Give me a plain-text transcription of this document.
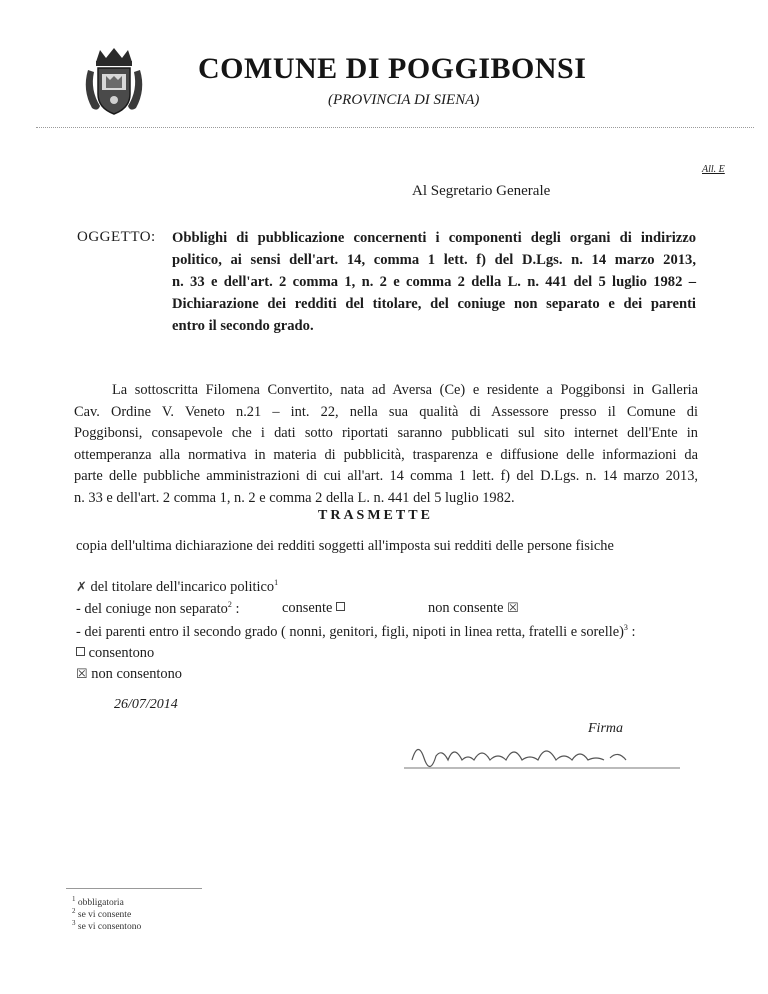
COMUNE DI POGGIBONSI
(PROVINCIA DI SIENA)
All. E
Al Segretario Generale
OGGETTO: Obblighi di pubblicazione concernenti i componenti degli organi di indirizzo
politico, ai sensi dell'art. 14, comma 1 lett. f) del D.Lgs. n. 14 marzo 2013,
n. 33 e dell'art. 2 comma 1, n. 2 e comma 2 della L. n. 441 del 5 luglio 1982 –
Dichiarazione dei redditi del titolare, del coniuge non separato e dei parenti
entro il secondo grado.
La sottoscritta Filomena Convertito, nata ad Aversa (Ce) e residente a Poggibonsi in Galleria
Cav. Ordine V. Veneto n.21 – int. 22, nella sua qualità di Assessore presso il Comune di
Poggibonsi, consapevole che i dati sotto riportati saranno pubblicati sul sito internet dell'Ente in
ottemperanza alla normativa in materia di pubblicità, trasparenza e diffusione delle informazioni da
parte delle pubbliche amministrazioni di cui all'art. 14 comma 1 lett. f) del D.Lgs. n. 14 marzo 2013,
n. 33 e dell'art. 2 comma 1, n. 2 e comma 2 della L. n. 441 del 5 luglio 1982.
TRASMETTE
copia dell'ultima dichiarazione dei redditi soggetti all'imposta sui redditi delle persone fisiche
✗ del titolare dell'incarico politico$^1$
- del coniuge non separato$^2$ :	consente	non consente ☒
- dei parenti entro il secondo grado ( nonni, genitori, figli, nipoti in linea retta, fratelli e sorelle)$^3$ :
consentono
☒ non consentono
26/07/2014
Firma
$^1$ obbligatoria
$^2$ se vi consente
$^3$ se vi consentono
